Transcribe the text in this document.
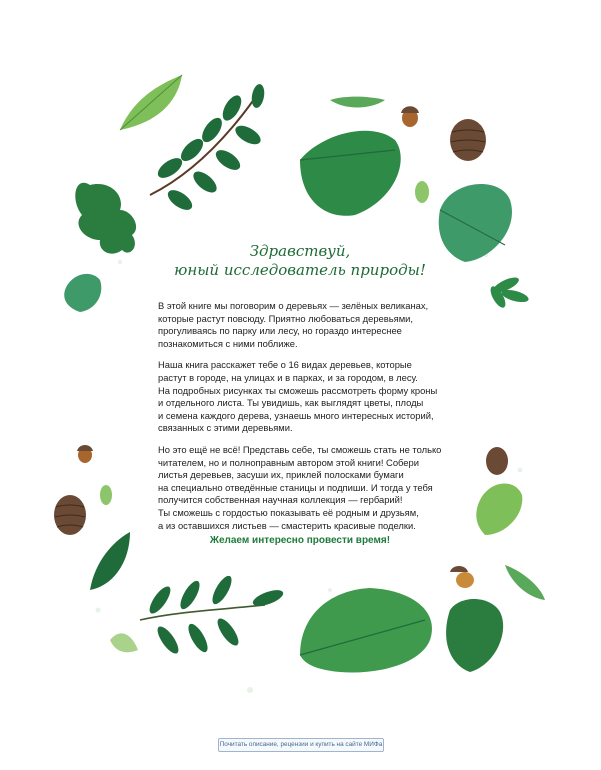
Здравствуй,
юный исследователь природы!

В этой книге мы поговорим о деревьях — зелёных великанах,
которые растут повсюду. Приятно любоваться деревьями,
прогуливаясь по парку или лесу, но гораздо интереснее
познакомиться с ними поближе.

Наша книга расскажет тебе о 16 видах деревьев, которые
растут в городе, на улицах и в парках, и за городом, в лесу.
На подробных рисунках ты сможешь рассмотреть форму кроны
и отдельного листа. Ты увидишь, как выглядят цветы, плоды
и семена каждого дерева, узнаешь много интересных историй,
связанных с этими деревьями.

Но это ещё не всё! Представь себе, ты сможешь стать не только
читателем, но и полноправным автором этой книги! Собери
листья деревьев, засуши их, приклей полосками бумаги
на специально отведённые станицы и подпиши. И тогда у тебя
получится собственная научная коллекция — гербарий!
Ты сможешь с гордостью показывать её родным и друзьям,
а из оставшихся листьев — смастерить красивые поделки.

Желаем интересно провести время!
Почитать описание, рецензии и купить на сайте МИФа
